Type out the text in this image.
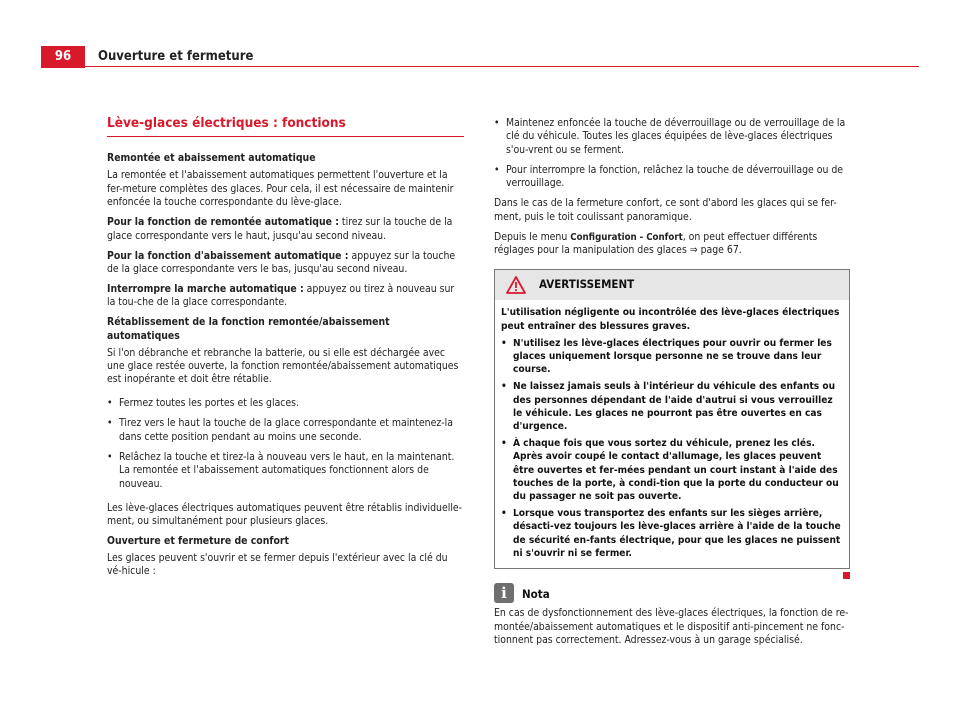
96	Ouverture et fermeture
Lève-glaces électriques : fonctions
Remontée et abaissement automatique

La remontée et l'abaissement automatiques permettent l'ouverture et la fer-meture complètes des glaces. Pour cela, il est nécessaire de maintenir enfoncée la touche correspondante du lève-glace.

Pour la fonction de remontée automatique : tirez sur la touche de la glace correspondante vers le haut, jusqu'au second niveau.

Pour la fonction d'abaissement automatique : appuyez sur la touche de la glace correspondante vers le bas, jusqu'au second niveau.

Interrompre la marche automatique : appuyez ou tirez à nouveau sur la tou-che de la glace correspondante.

Rétablissement de la fonction remontée/abaissement automatiques

Si l'on débranche et rebranche la batterie, ou si elle est déchargée avec une glace restée ouverte, la fonction remontée/abaissement automatiques est inopérante et doit être rétablie.

• Fermez toutes les portes et les glaces.

• Tirez vers le haut la touche de la glace correspondante et maintenez-la dans cette position pendant au moins une seconde.

• Relâchez la touche et tirez-la à nouveau vers le haut, en la maintenant. La remontée et l'abaissement automatiques fonctionnent alors de nouveau.

Les lève-glaces électriques automatiques peuvent être rétablis individuelle-ment, ou simultanément pour plusieurs glaces.

Ouverture et fermeture de confort

Les glaces peuvent s'ouvrir et se fermer depuis l'extérieur avec la clé du vé-hicule :

• Maintenez enfoncée la touche de déverrouillage ou de verrouillage de la clé du véhicule. Toutes les glaces équipées de lève-glaces électriques s'ou-vrent ou se ferment.

• Pour interrompre la fonction, relâchez la touche de déverrouillage ou de verrouillage.

Dans le cas de la fermeture confort, ce sont d'abord les glaces qui se fer-ment, puis le toit coulissant panoramique.

Depuis le menu Configuration - Confort, on peut effectuer différents réglages pour la manipulation des glaces ⇒ page 67.

AVERTISSEMENT

L'utilisation négligente ou incontrôlée des lève-glaces électriques peut entraîner des blessures graves.

• N'utilisez les lève-glaces électriques pour ouvrir ou fermer les glaces uniquement lorsque personne ne se trouve dans leur course.

• Ne laissez jamais seuls à l'intérieur du véhicule des enfants ou des personnes dépendant de l'aide d'autrui si vous verrouillez le véhicule. Les glaces ne pourront pas être ouvertes en cas d'urgence.

• À chaque fois que vous sortez du véhicule, prenez les clés. Après avoir coupé le contact d'allumage, les glaces peuvent être ouvertes et fer-mées pendant un court instant à l'aide des touches de la porte, à condi-tion que la porte du conducteur ou du passager ne soit pas ouverte.

• Lorsque vous transportez des enfants sur les sièges arrière, désacti-vez toujours les lève-glaces arrière à l'aide de la touche de sécurité en-fants électrique, pour que les glaces ne puissent ni s'ouvrir ni se fermer.

i	Nota

En cas de dysfonctionnement des lève-glaces électriques, la fonction de re-montée/abaissement automatiques et le dispositif anti-pincement ne fonc-tionnent pas correctement. Adressez-vous à un garage spécialisé.
